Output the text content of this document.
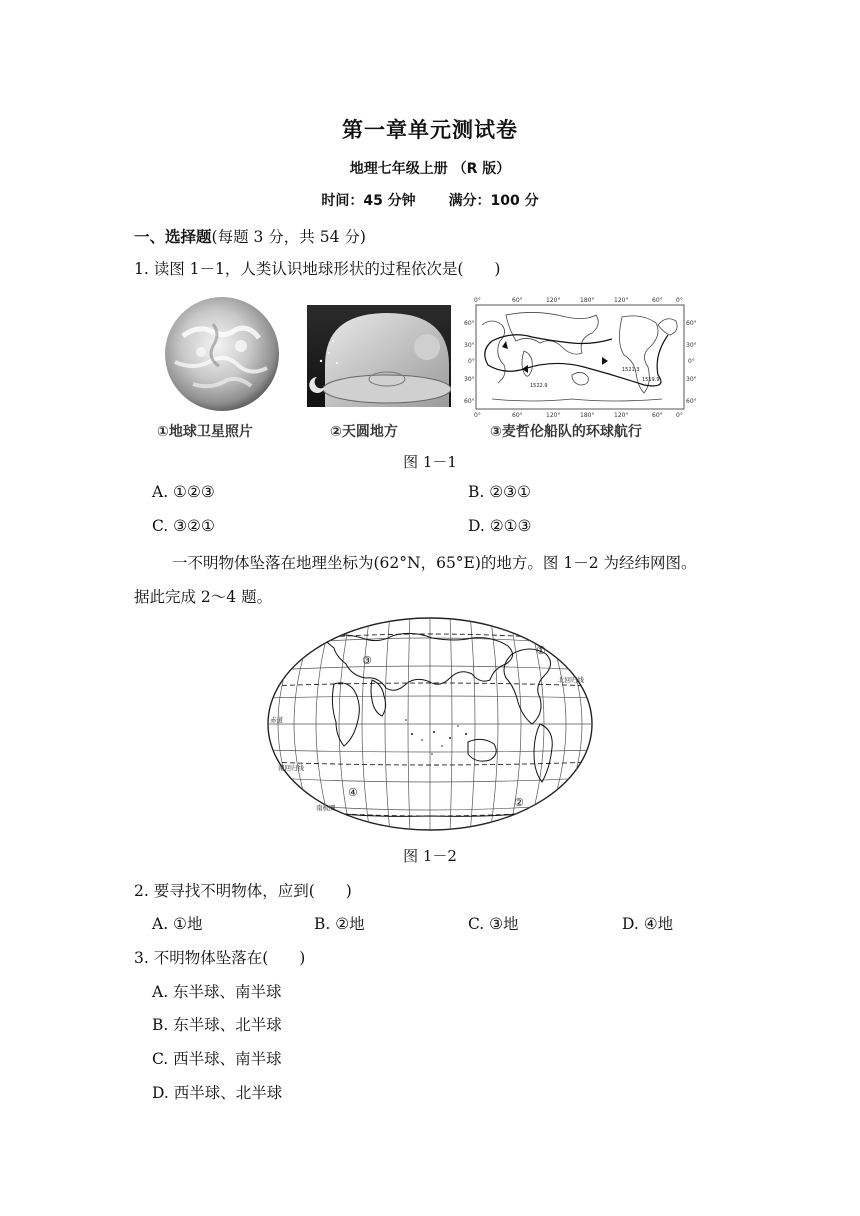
第一章单元测试卷
地理七年级上册 （R 版）
时间：45 分钟 满分：100 分
一、选择题(每题 3 分，共 54 分)
1. 读图 1－1，人类认识地球形状的过程依次是(　　)
①地球卫星照片	②天圆地方
0°	60°	120°	180°	120°	60° 0°
0°	60°	120°	180°	120°	60° 0°
60°
30°
0°
30°
60°
60°
30°
0°
30°
60°
1521.3
1519.9
1522.9
③麦哲伦船队的环球航行
图 1－1
A. ①②③	B. ②③①
C. ③②①	D. ②①③
一不明物体坠落在地理坐标为(62°N，65°E)的地方。图 1－2 为经纬网图。
据此完成 2～4 题。
赤道
北回归线
南回归线
南极圈
①
②
③
④
图 1－2
2. 要寻找不明物体，应到(　　)
A. ①地	B. ②地	C. ③地	D. ④地
3. 不明物体坠落在(　　)
A. 东半球、南半球
B. 东半球、北半球
C. 西半球、南半球
D. 西半球、北半球
